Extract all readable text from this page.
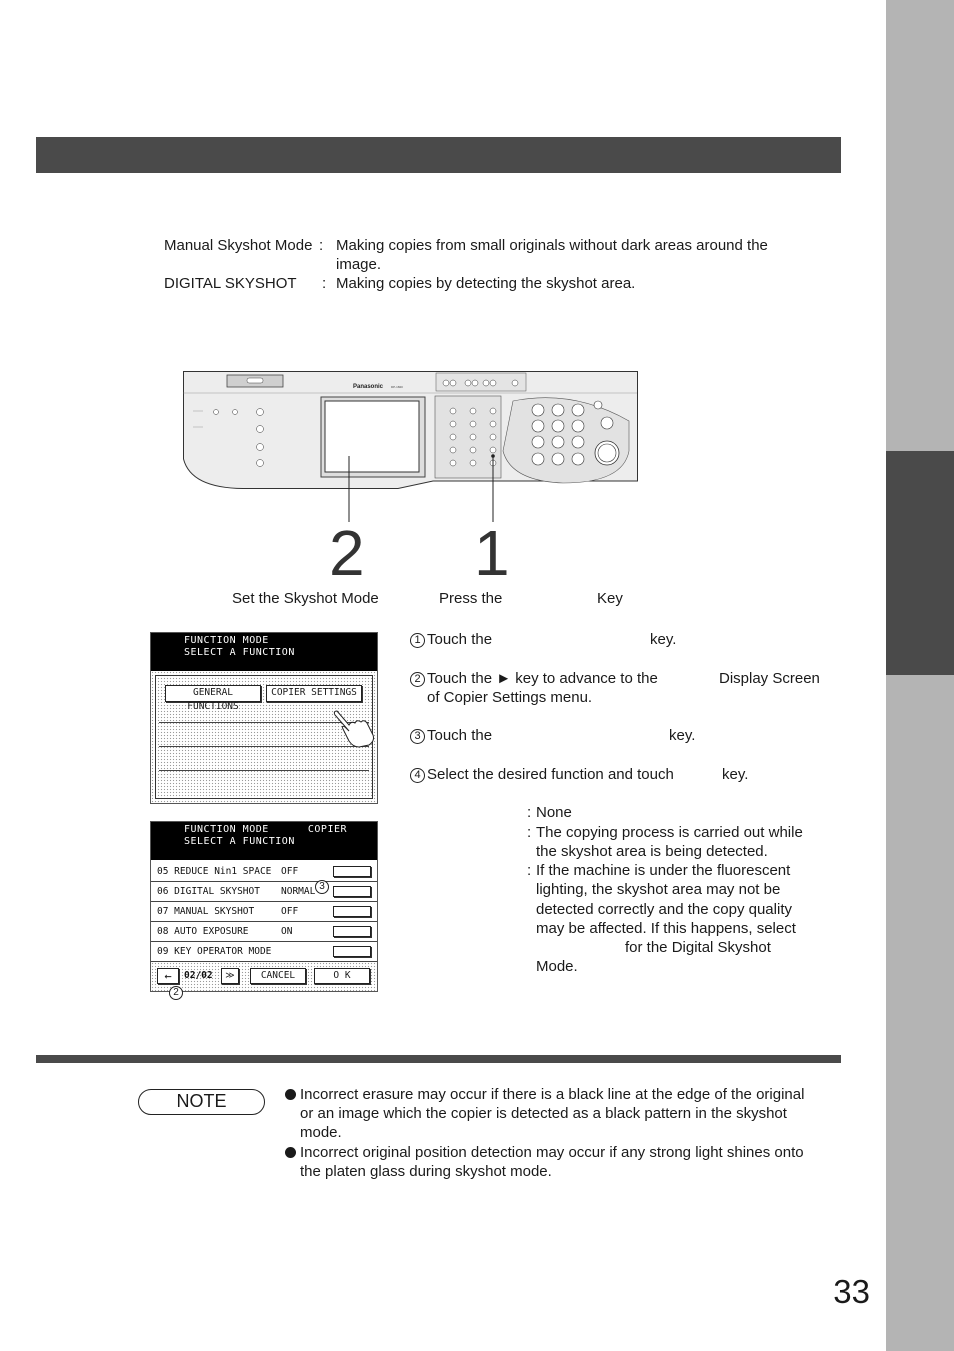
Manual Skyshot Mode : Making copies from small originals without dark areas around the
image.
DIGITAL SKYSHOT : Making copies by detecting the skyshot area.
Panasonic	DP-1820
2 1
Set the Skyshot Mode	Press the	Key
FUNCTION MODE
SELECT A FUNCTION
GENERAL FUNCTIONS
COPIER SETTINGS
FUNCTION MODE      COPIER
SELECT A FUNCTION
05 REDUCE Nin1 SPACE OFF
06 DIGITAL SKYSHOT NORMAL
07 MANUAL SKYSHOT	OFF
08 AUTO EXPOSURE	ON
09 KEY OPERATOR MODE
3
←	02/02	≫	CANCEL	O K
2
1 Touch the	key.
2 Touch the ► key to advance to the	Display Screen
of Copier Settings menu.
3 Touch the	key.
4 Select the desired function and touch	key.
: None
: The copying process is carried out while
the skyshot area is being detected.
: If the machine is under the fluorescent
lighting, the skyshot area may not be
detected correctly and the copy quality
may be affected. If this happens, select
for the Digital Skyshot
Mode.
NOTE	Incorrect erasure may occur if there is a black line at the edge of the original
or an image which the copier is detected as a black pattern in the skyshot
mode.
Incorrect original position detection may occur if any strong light shines onto
the platen glass during skyshot mode.
33
